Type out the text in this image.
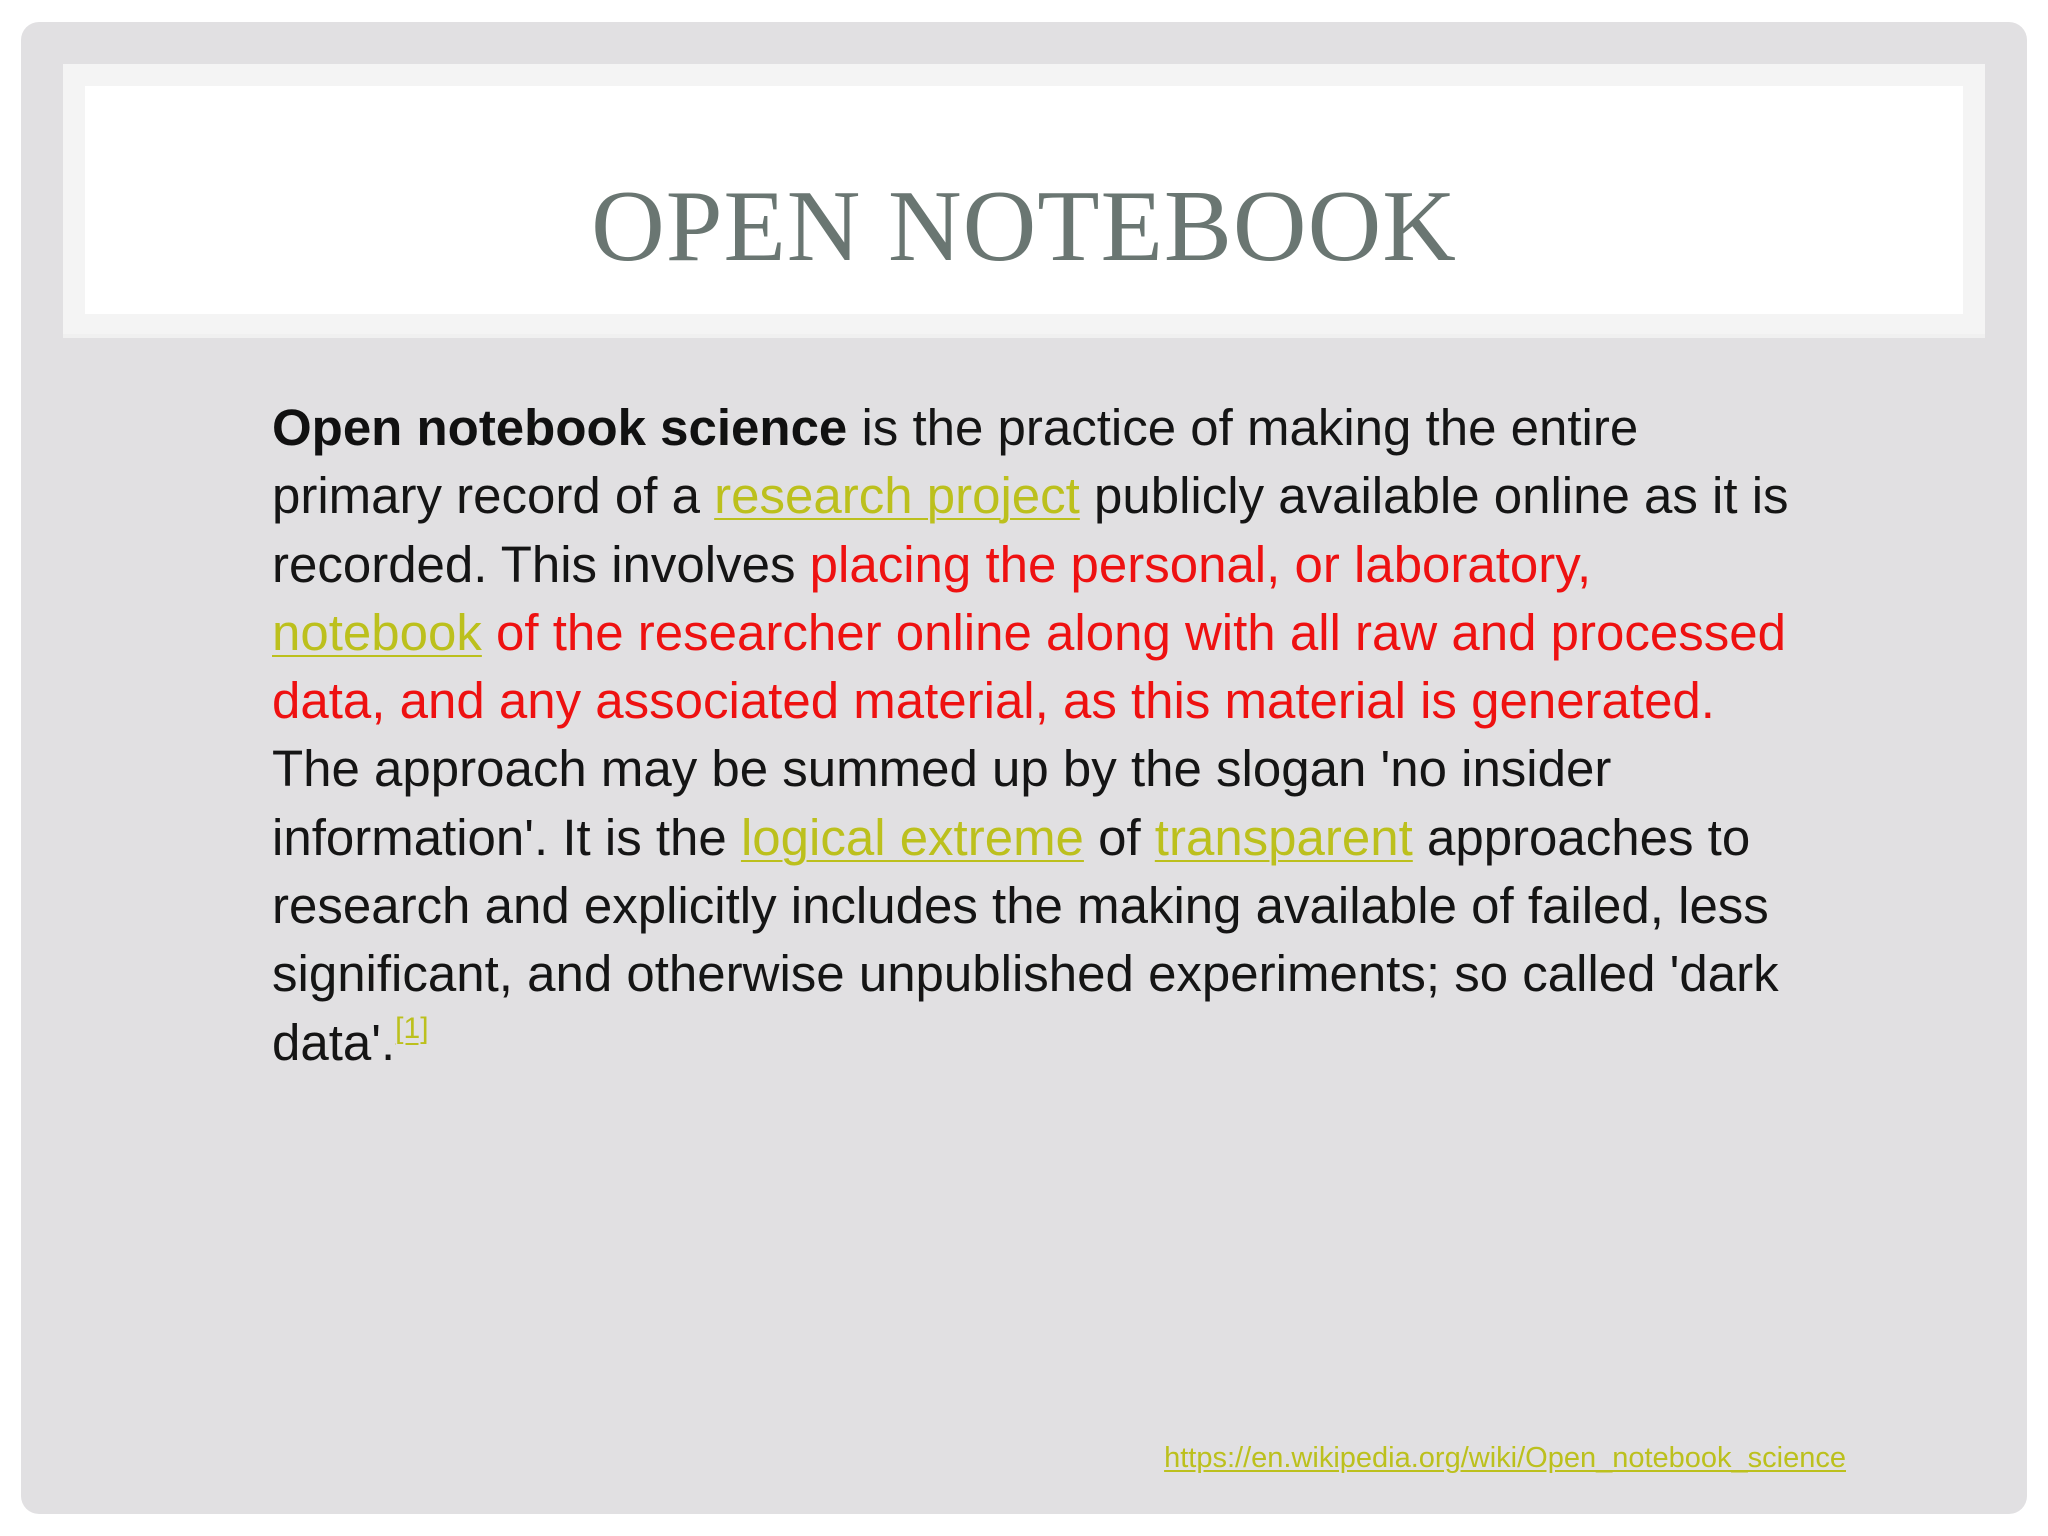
OPEN NOTEBOOK

Open notebook science is the practice of making the entire primary record of a research project publicly available online as it is recorded. This involves placing the personal, or laboratory, notebook of the researcher online along with all raw and processed data, and any associated material, as this material is generated. The approach may be summed up by the slogan 'no insider information'. It is the logical extreme of transparent approaches to research and explicitly includes the making available of failed, less significant, and otherwise unpublished experiments; so called 'dark data'.[1]

https://en.wikipedia.org/wiki/Open_notebook_science
